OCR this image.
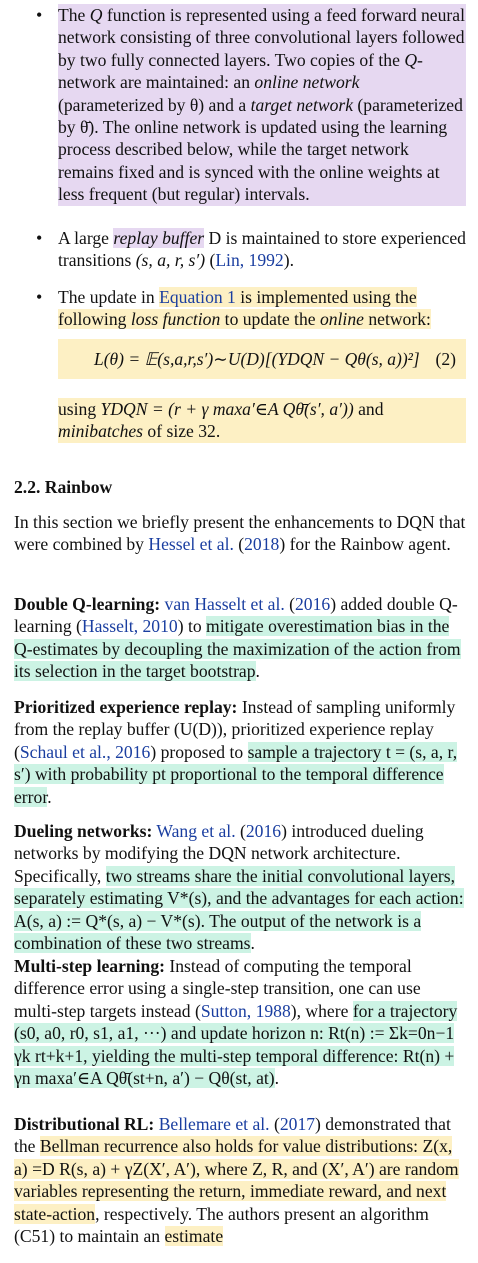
• The Q function is represented using a feed forward neural network consisting of three convolutional layers followed by two fully connected layers. Two copies of the Q-network are maintained: an online network (parameterized by θ) and a target network (parameterized by θ̄). The online network is updated using the learning process described below, while the target network remains fixed and is synced with the online weights at less frequent (but regular) intervals.
• A large replay buffer D is maintained to store experienced transitions (s, a, r, s′) (Lin, 1992).
• The update in Equation 1 is implemented using the following loss function to update the online network:
L(θ) = 𝔼(s,a,r,s′)∼U(D)[(YDQN − Qθ(s, a))²] (2)
using YDQN = (r + γ maxa′∈A Qθ̄(s′, a′)) and minibatches of size 32.
2.2. Rainbow
In this section we briefly present the enhancements to DQN that were combined by Hessel et al. (2018) for the Rainbow agent.
Double Q-learning: van Hasselt et al. (2016) added double Q-learning (Hasselt, 2010) to mitigate overestimation bias in the Q-estimates by decoupling the maximization of the action from its selection in the target bootstrap.
Prioritized experience replay: Instead of sampling uniformly from the replay buffer (U(D)), prioritized experience replay (Schaul et al., 2016) proposed to sample a trajectory t = (s, a, r, s′) with probability pt proportional to the temporal difference error.
Dueling networks: Wang et al. (2016) introduced dueling networks by modifying the DQN network architecture. Specifically, two streams share the initial convolutional layers, separately estimating V*(s), and the advantages for each action: A(s, a) := Q*(s, a) − V*(s). The output of the network is a combination of these two streams.
Multi-step learning: Instead of computing the temporal difference error using a single-step transition, one can use multi-step targets instead (Sutton, 1988), where for a trajectory (s0, a0, r0, s1, a1, ···) and update horizon n: Rt(n) := Σk=0n−1 γk rt+k+1, yielding the multi-step temporal difference: Rt(n) + γn maxa′∈A Qθ̄(st+n, a′) − Qθ(st, at).
Distributional RL: Bellemare et al. (2017) demonstrated that the Bellman recurrence also holds for value distributions: Z(x, a) =D R(s, a) + γZ(X′, A′), where Z, R, and (X′, A′) are random variables representing the return, immediate reward, and next state-action, respectively. The authors present an algorithm (C51) to maintain an estimate
